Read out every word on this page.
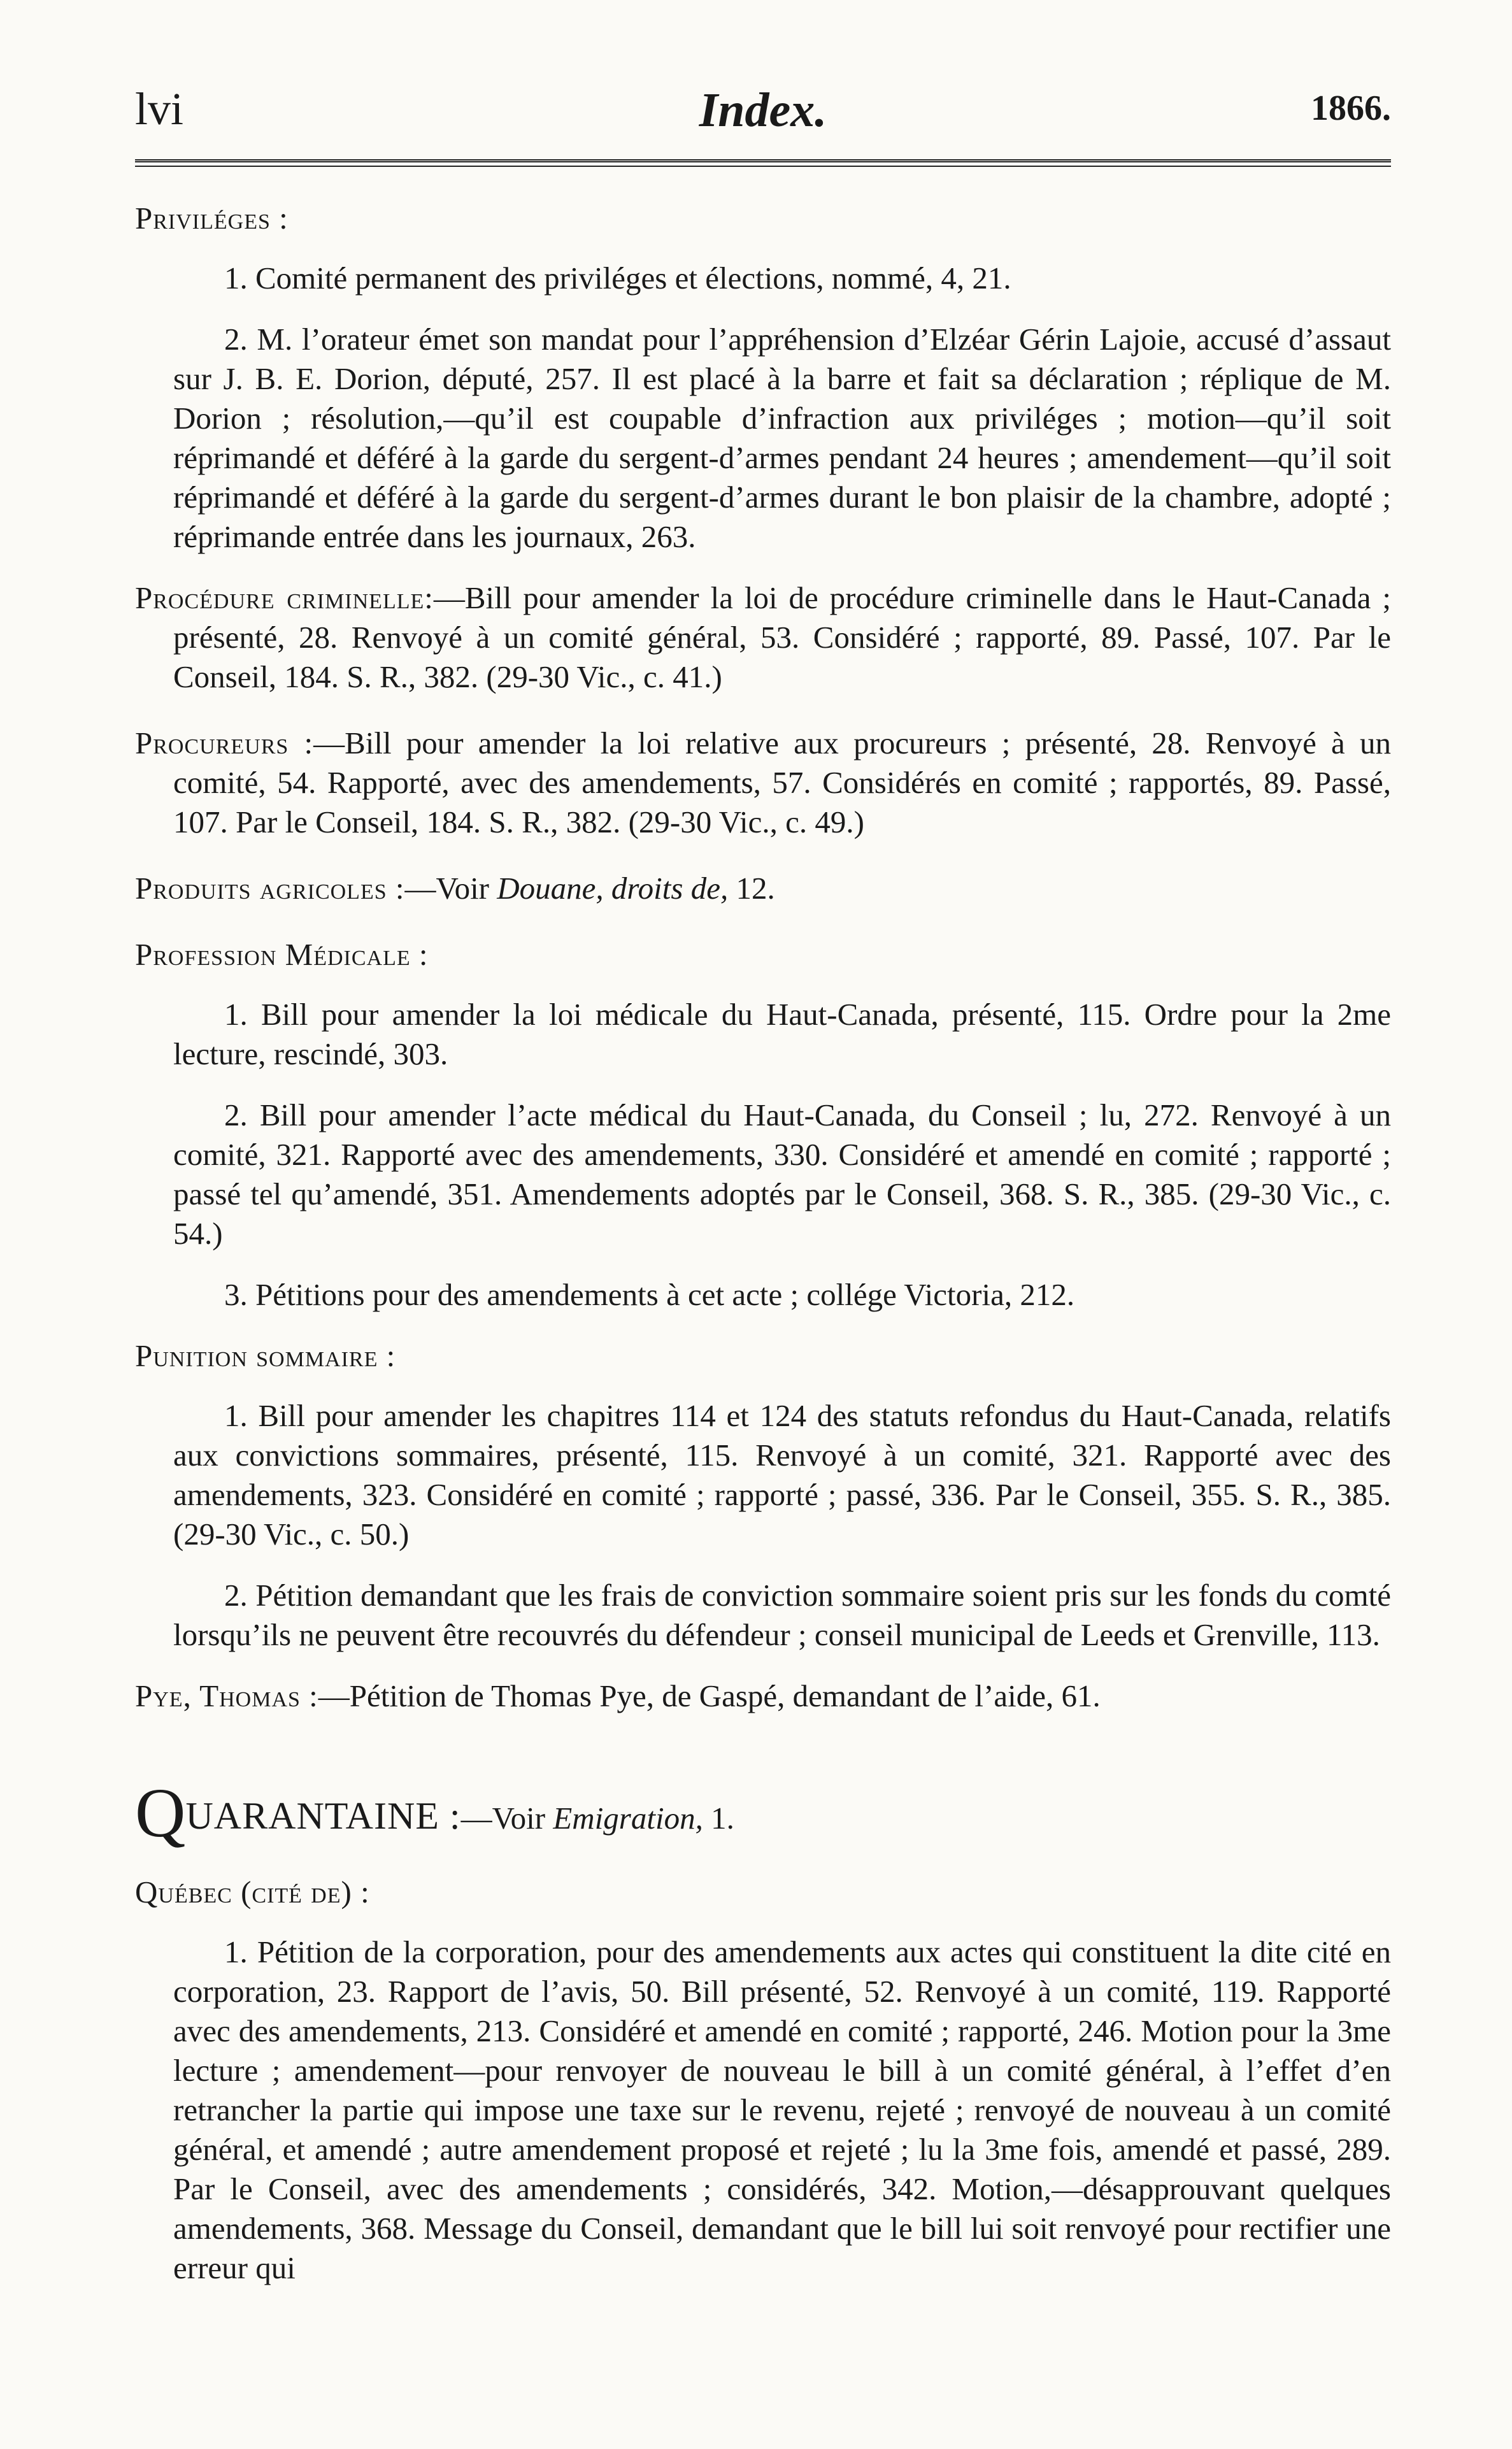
lvi	Index.	1866.

Priviléges :

1. Comité permanent des priviléges et élections, nommé, 4, 21.

2. M. l’orateur émet son mandat pour l’appréhension d’Elzéar Gérin Lajoie, accusé d’assaut sur J. B. E. Dorion, député, 257. Il est placé à la barre et fait sa déclaration ; réplique de M. Dorion ; résolution,—qu’il est coupable d’infraction aux priviléges ; motion—qu’il soit réprimandé et déféré à la garde du sergent-d’armes pendant 24 heures ; amendement—qu’il soit réprimandé et déféré à la garde du sergent-d’armes durant le bon plaisir de la chambre, adopté ; réprimande entrée dans les journaux, 263.

Procédure criminelle:—Bill pour amender la loi de procédure criminelle dans le Haut-Canada ; présenté, 28. Renvoyé à un comité général, 53. Considéré ; rapporté, 89. Passé, 107. Par le Conseil, 184. S. R., 382. (29-30 Vic., c. 41.)

Procureurs :—Bill pour amender la loi relative aux procureurs ; présenté, 28. Renvoyé à un comité, 54. Rapporté, avec des amendements, 57. Considérés en comité ; rapportés, 89. Passé, 107. Par le Conseil, 184. S. R., 382. (29-30 Vic., c. 49.)

Produits agricoles :—Voir Douane, droits de, 12.

Profession Médicale :

1. Bill pour amender la loi médicale du Haut-Canada, présenté, 115. Ordre pour la 2me lecture, rescindé, 303.

2. Bill pour amender l’acte médical du Haut-Canada, du Conseil ; lu, 272. Renvoyé à un comité, 321. Rapporté avec des amendements, 330. Considéré et amendé en comité ; rapporté ; passé tel qu’amendé, 351. Amendements adoptés par le Conseil, 368. S. R., 385. (29-30 Vic., c. 54.)

3. Pétitions pour des amendements à cet acte ; collége Victoria, 212.

Punition sommaire :

1. Bill pour amender les chapitres 114 et 124 des statuts refondus du Haut-Canada, relatifs aux convictions sommaires, présenté, 115. Renvoyé à un comité, 321. Rapporté avec des amendements, 323. Considéré en comité ; rapporté ; passé, 336. Par le Conseil, 355. S. R., 385. (29-30 Vic., c. 50.)

2. Pétition demandant que les frais de conviction sommaire soient pris sur les fonds du comté lorsqu’ils ne peuvent être recouvrés du défendeur ; conseil municipal de Leeds et Grenville, 113.

Pye, Thomas :—Pétition de Thomas Pye, de Gaspé, demandant de l’aide, 61.

QUARANTAINE :—Voir Emigration, 1.

Québec (cité de) :

1. Pétition de la corporation, pour des amendements aux actes qui constituent la dite cité en corporation, 23. Rapport de l’avis, 50. Bill présenté, 52. Renvoyé à un comité, 119. Rapporté avec des amendements, 213. Considéré et amendé en comité ; rapporté, 246. Motion pour la 3me lecture ; amendement—pour renvoyer de nouveau le bill à un comité général, à l’effet d’en retrancher la partie qui impose une taxe sur le revenu, rejeté ; renvoyé de nouveau à un comité général, et amendé ; autre amendement proposé et rejeté ; lu la 3me fois, amendé et passé, 289. Par le Conseil, avec des amendements ; considérés, 342. Motion,—désapprouvant quelques amendements, 368. Message du Conseil, demandant que le bill lui soit renvoyé pour rectifier une erreur qui
